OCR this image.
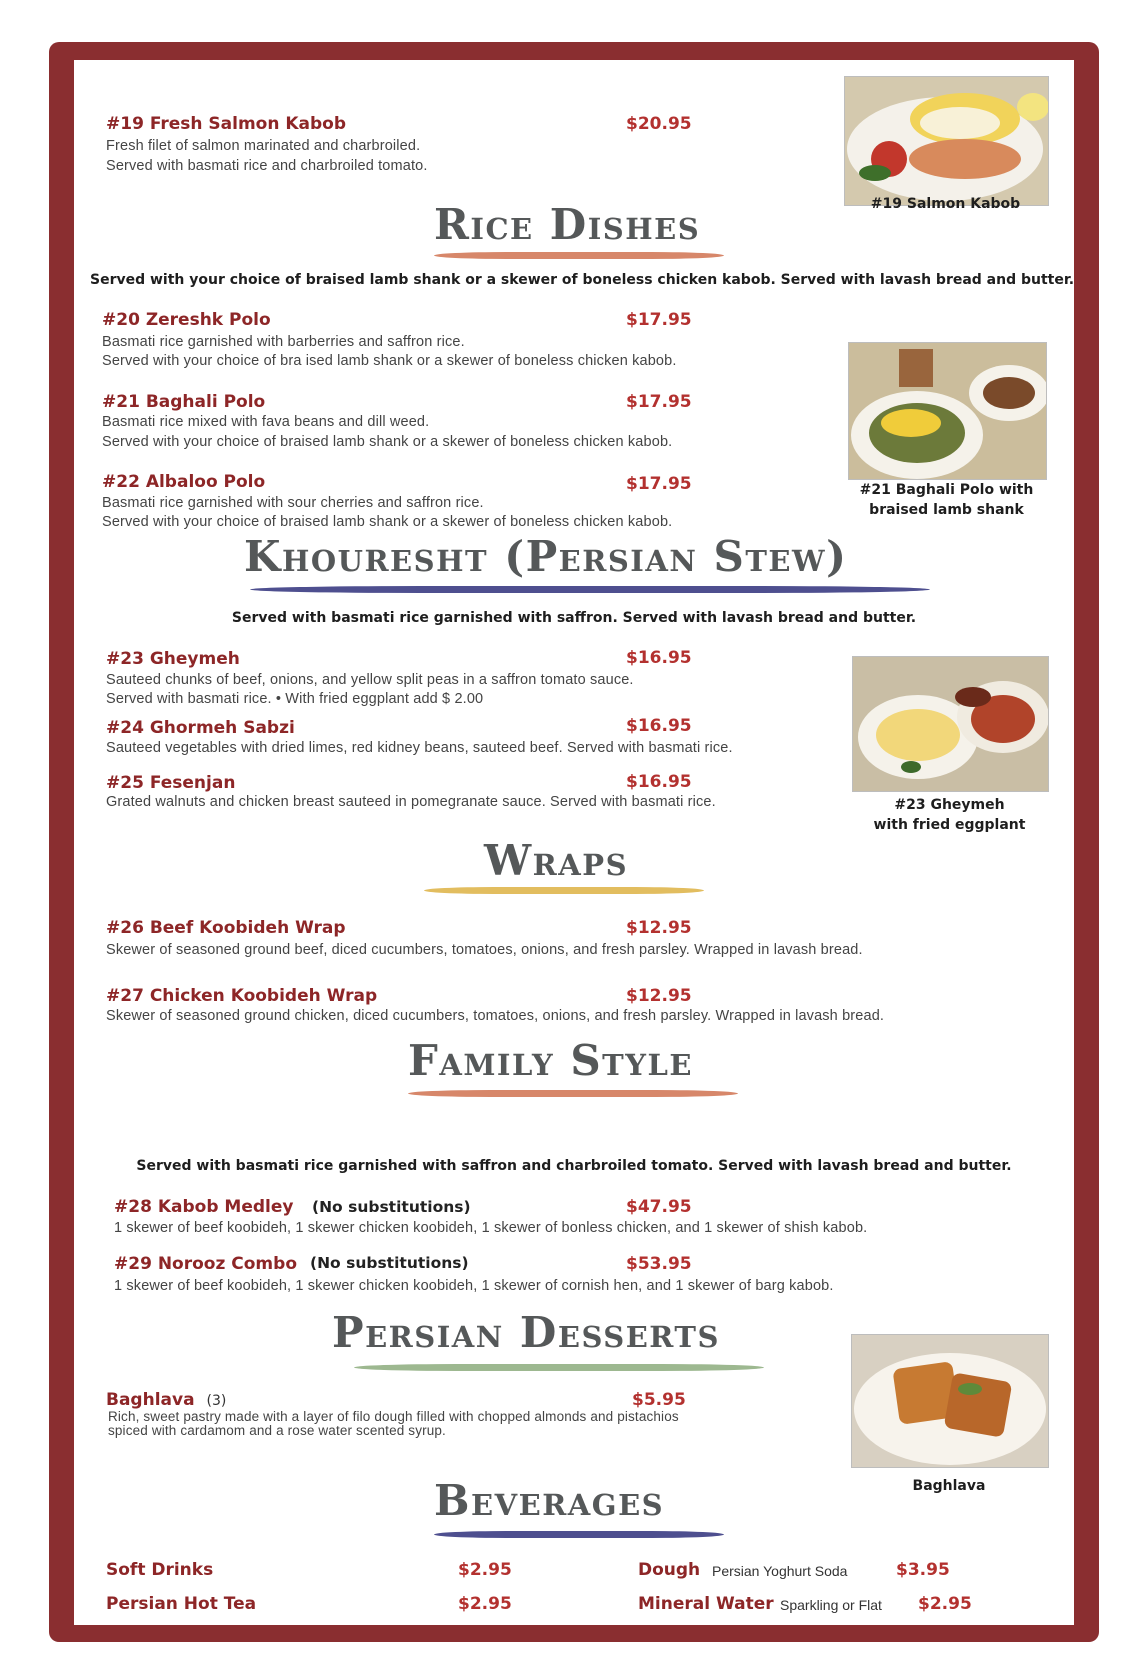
#19 Fresh Salmon Kabob	$20.95
Fresh filet of salmon marinated and charbroiled.
Served with basmati rice and charbroiled tomato.
#19 Salmon Kabob
Rice Dishes
Served with your choice of braised lamb shank or a skewer of boneless chicken kabob. Served with lavash bread and butter.
#20 Zereshk Polo	$17.95
Basmati rice garnished with barberries and saffron rice.
Served with your choice of bra ised lamb shank or a skewer of boneless chicken kabob.
#21 Baghali Polo	$17.95
Basmati rice mixed with fava beans and dill weed.
Served with your choice of braised lamb shank or a skewer of boneless chicken kabob.
#22 Albaloo Polo	$17.95
Basmati rice garnished with sour cherries and saffron rice.
Served with your choice of braised lamb shank or a skewer of boneless chicken kabob.
#21 Baghali Polo with
braised lamb shank
Khouresht (Persian Stew)
Served with basmati rice garnished with saffron. Served with lavash bread and butter.
#23 Gheymeh	$16.95
Sauteed chunks of beef, onions, and yellow split peas in a saffron tomato sauce.
Served with basmati rice. • With fried eggplant add $ 2.00
#24 Ghormeh Sabzi	$16.95
Sauteed vegetables with dried limes, red kidney beans, sauteed beef. Served with basmati rice.
#25 Fesenjan	$16.95
Grated walnuts and chicken breast sauteed in pomegranate sauce. Served with basmati rice.	#23 Gheymeh
with fried eggplant
Wraps
#26 Beef Koobideh Wrap	$12.95
Skewer of seasoned ground beef, diced cucumbers, tomatoes, onions, and fresh parsley. Wrapped in lavash bread.
#27 Chicken Koobideh Wrap	$12.95
Skewer of seasoned ground chicken, diced cucumbers, tomatoes, onions, and fresh parsley. Wrapped in lavash bread.
Family Style
Served with basmati rice garnished with saffron and charbroiled tomato. Served with lavash bread and butter.
#28 Kabob Medley (No substitutions)	$47.95
1 skewer of beef koobideh, 1 skewer chicken koobideh, 1 skewer of bonless chicken, and 1 skewer of shish kabob.
#29 Norooz Combo (No substitutions)	$53.95
1 skewer of beef koobideh, 1 skewer chicken koobideh, 1 skewer of cornish hen, and 1 skewer of barg kabob.
Persian Desserts
Baghlava (3)	$5.95
Rich, sweet pastry made with a layer of filo dough filled with chopped almonds and pistachios
spiced with cardamom and a rose water scented syrup.
Baghlava
Beverages
Soft Drinks	$2.95
Persian Hot Tea	$2.95
Dough Persian Yoghurt Soda	$3.95
Mineral Water Sparkling or Flat $2.95
